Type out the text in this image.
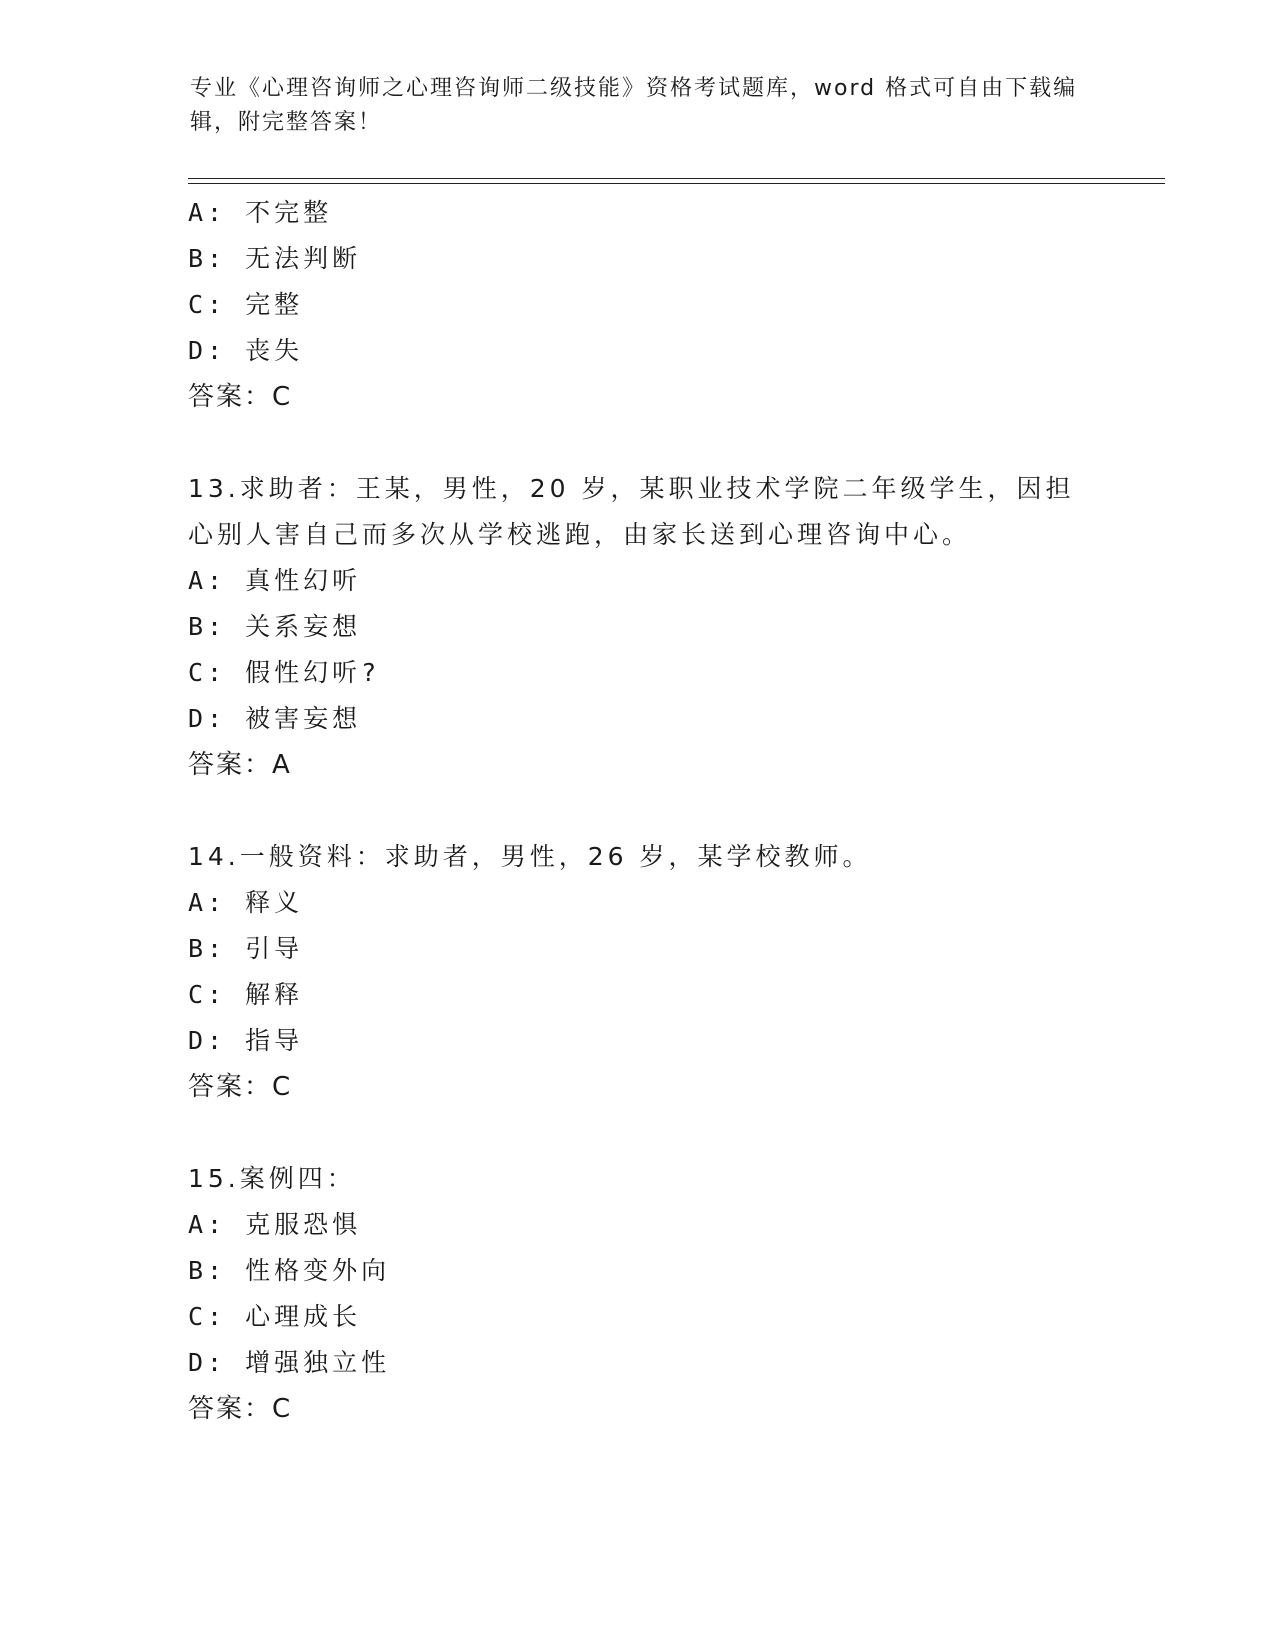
专业《心理咨询师之心理咨询师二级技能》资格考试题库，word 格式可自由下载编辑，附完整答案！
A: 不完整
B: 无法判断
C: 完整
D: 丧失
答案：C
13.求助者：王某，男性，20 岁，某职业技术学院二年级学生，因担心别人害自己而多次从学校逃跑，由家长送到心理咨询中心。
A: 真性幻听
B: 关系妄想
C: 假性幻听?
D: 被害妄想
答案：A
14.一般资料：求助者，男性，26 岁，某学校教师。
A: 释义
B: 引导
C: 解释
D: 指导
答案：C
15.案例四：
A: 克服恐惧
B: 性格变外向
C: 心理成长
D: 增强独立性
答案：C
